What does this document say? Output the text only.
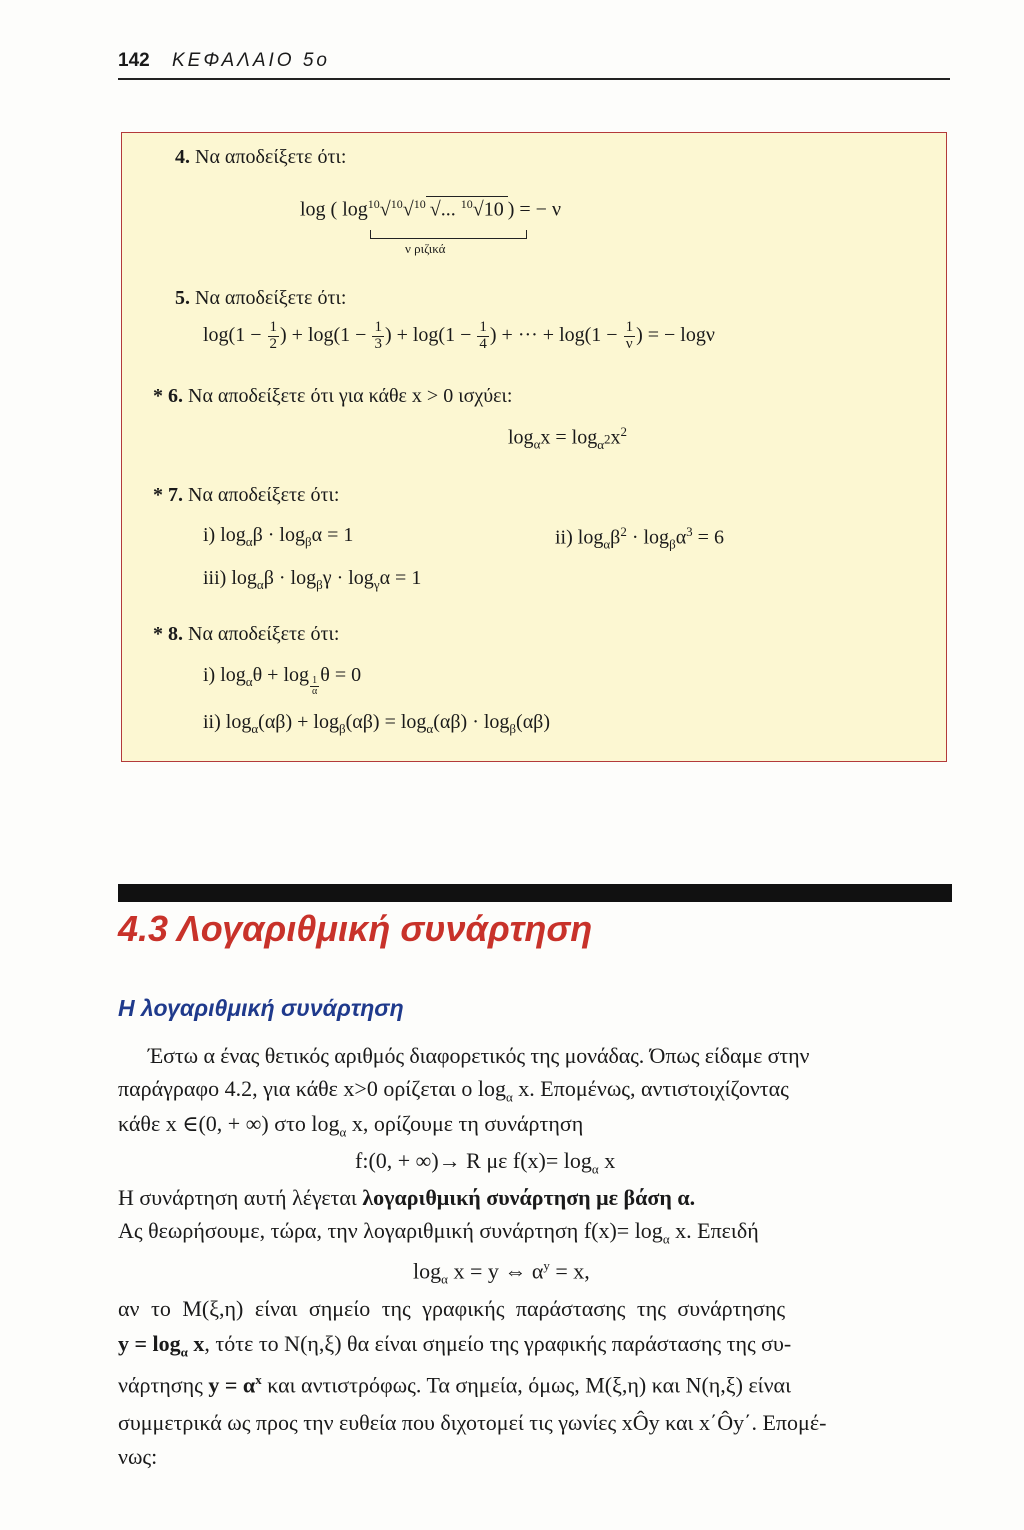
142 ΚΕΦΑΛΑΙΟ 5ο
4. Να αποδείξετε ότι:
log ( $\log^{10}√^{10}√^{10}$ √... $^{10}$√10 ) = − ν
ν ριζικά
5. Να αποδείξετε ότι:
$\log(1 - \frac{1}{2}$ ) + $\log(1 - \frac{1}{3}$ ) + $\log(1 - \frac{1}{4}$ ) + ··· + $\log(1 - \frac{1}{\nu}$ ) = − logν
* 6. Να αποδείξετε ότι για κάθε x > 0 ισχύει:
$\log_\alpha x = \log_{\alpha^2}x^2$
* 7. Να αποδείξετε ότι:
i) $\log_\alpha\beta \cdot \log_\beta\alpha = 1$	ii) $\log_\alpha\beta^2 \cdot \log_\beta\alpha^3 = 6$
iii) $\log_\alpha\beta \cdot \log_\beta\gamma \cdot \log_\gamma\alpha = 1$
* 8. Να αποδείξετε ότι:
i) $\log_\alpha\theta + \log$
$_{\frac{1}{\alpha}}$
θ = 0
ii) $\log_\alpha(\alpha\beta) + \log_\beta(\alpha\beta) = \log_\alpha(\alpha\beta) \cdot \log_\beta(\alpha\beta)$
4.3 Λογαριθμική συνάρτηση
Η λογαριθμική συνάρτηση
Έστω α ένας θετικός αριθμός διαφορετικός της μονάδας. Όπως είδαμε στην
παράγραφο 4.2, για κάθε x>0 ορίζεται ο $\log_\alpha x$. Επομένως, αντιστοιχίζοντας
κάθε x ∈(0, + ∞) στο $\log_\alpha x$, ορίζουμε τη συνάρτηση
f:(0, + ∞)→ R με $f(x)= \log_\alpha x$
Η συνάρτηση αυτή λέγεται λογαριθμική συνάρτηση με βάση α.
Ας θεωρήσουμε, τώρα, την λογαριθμική συνάρτηση $f(x)= \log_\alpha x$. Επειδή
$\log_\alpha x = y$ ⇔ $\alpha^y = x$,
αν το Μ(ξ,η) είναι σημείο της γραφικής παράστασης της συνάρτησης
$y = \log_\alpha x$, τότε το Ν(η,ξ) θα είναι σημείο της γραφικής παράστασης της συ-
νάρτησης $y = \alpha^x$ και αντιστρόφως. Τα σημεία, όμως, Μ(ξ,η) και Ν(η,ξ) είναι
συμμετρικά ως προς την ευθεία που διχοτομεί τις γωνίες xÔy και x΄Ôy΄. Επομέ-
νως:
